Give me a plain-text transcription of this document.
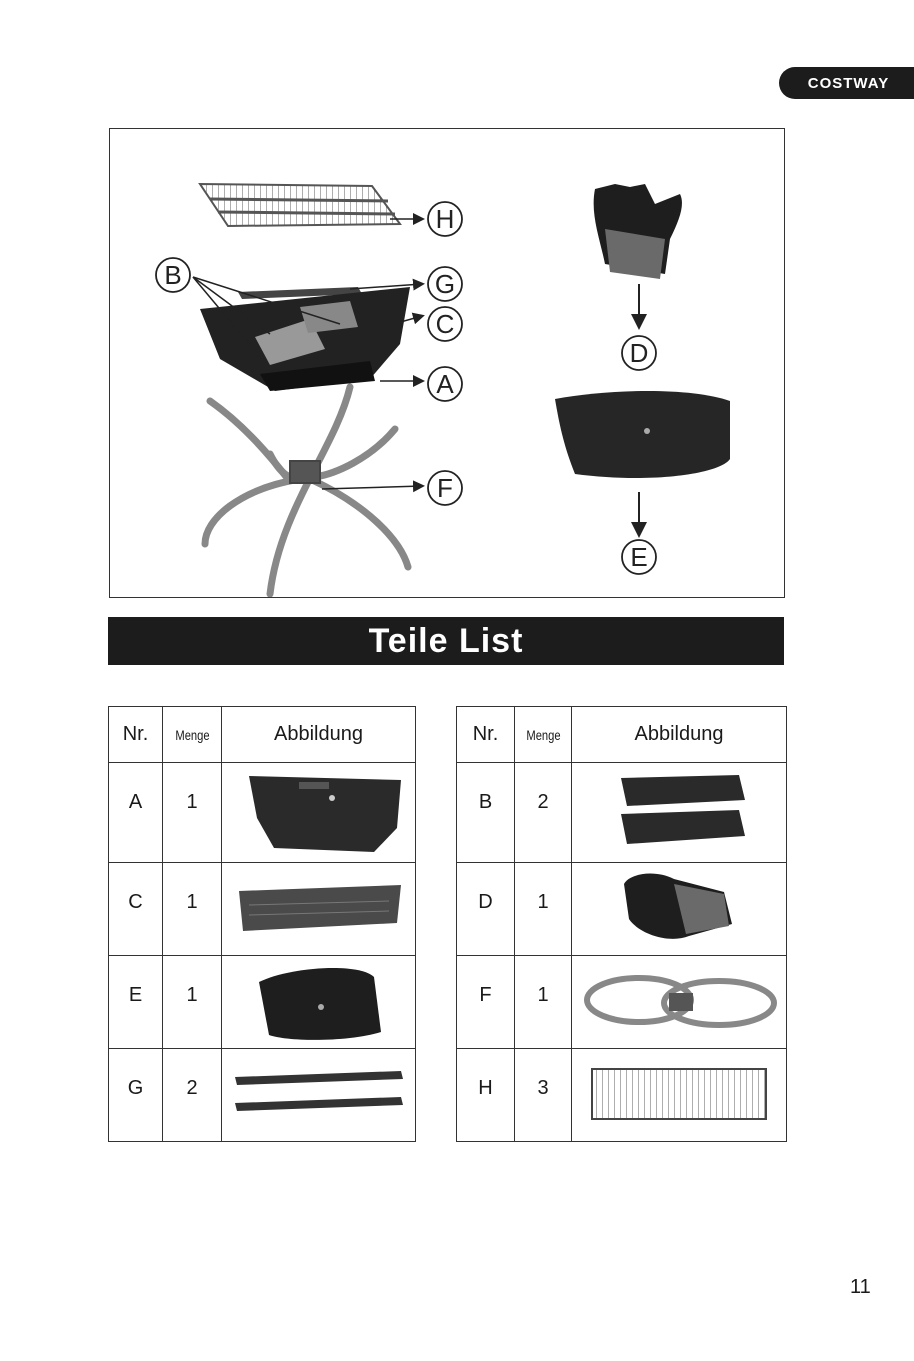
COSTWAY
H
B	G
C
A
F
D
E
Teile List
Nr.	Menge	Abbildung		Nr.	Menge	Abbildung
A	1			B	2	
C	1			D	1	
E	1			F	1	
G	2			H	3	
11
